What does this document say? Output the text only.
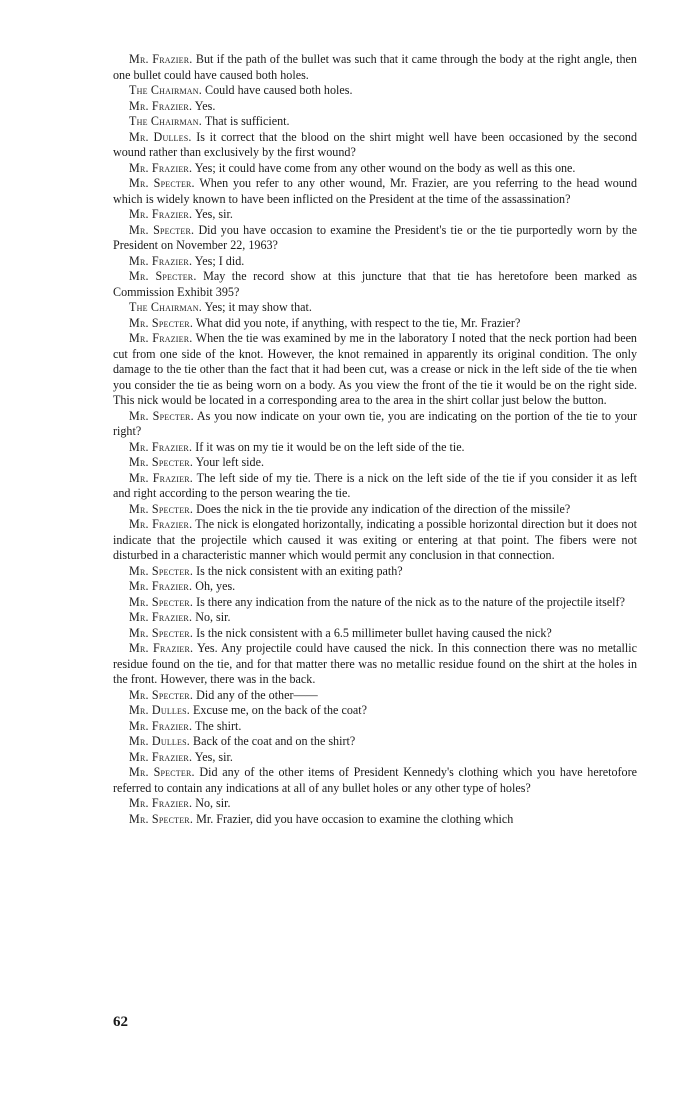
Mr. Frazier. But if the path of the bullet was such that it came through the body at the right angle, then one bullet could have caused both holes.

The Chairman. Could have caused both holes.

Mr. Frazier. Yes.

The Chairman. That is sufficient.

Mr. Dulles. Is it correct that the blood on the shirt might well have been occasioned by the second wound rather than exclusively by the first wound?

Mr. Frazier. Yes; it could have come from any other wound on the body as well as this one.

Mr. Specter. When you refer to any other wound, Mr. Frazier, are you referring to the head wound which is widely known to have been inflicted on the President at the time of the assassination?

Mr. Frazier. Yes, sir.

Mr. Specter. Did you have occasion to examine the President's tie or the tie purportedly worn by the President on November 22, 1963?

Mr. Frazier. Yes; I did.

Mr. Specter. May the record show at this juncture that that tie has heretofore been marked as Commission Exhibit 395?

The Chairman. Yes; it may show that.

Mr. Specter. What did you note, if anything, with respect to the tie, Mr. Frazier?

Mr. Frazier. When the tie was examined by me in the laboratory I noted that the neck portion had been cut from one side of the knot. However, the knot remained in apparently its original condition. The only damage to the tie other than the fact that it had been cut, was a crease or nick in the left side of the tie when you consider the tie as being worn on a body. As you view the front of the tie it would be on the right side. This nick would be located in a corresponding area to the area in the shirt collar just below the button.

Mr. Specter. As you now indicate on your own tie, you are indicating on the portion of the tie to your right?

Mr. Frazier. If it was on my tie it would be on the left side of the tie.

Mr. Specter. Your left side.

Mr. Frazier. The left side of my tie. There is a nick on the left side of the tie if you consider it as left and right according to the person wearing the tie.

Mr. Specter. Does the nick in the tie provide any indication of the direction of the missile?

Mr. Frazier. The nick is elongated horizontally, indicating a possible horizontal direction but it does not indicate that the projectile which caused it was exiting or entering at that point. The fibers were not disturbed in a characteristic manner which would permit any conclusion in that connection.

Mr. Specter. Is the nick consistent with an exiting path?

Mr. Frazier. Oh, yes.

Mr. Specter. Is there any indication from the nature of the nick as to the nature of the projectile itself?

Mr. Frazier. No, sir.

Mr. Specter. Is the nick consistent with a 6.5 millimeter bullet having caused the nick?

Mr. Frazier. Yes. Any projectile could have caused the nick. In this connection there was no metallic residue found on the tie, and for that matter there was no metallic residue found on the shirt at the holes in the front. However, there was in the back.

Mr. Specter. Did any of the other——

Mr. Dulles. Excuse me, on the back of the coat?

Mr. Frazier. The shirt.

Mr. Dulles. Back of the coat and on the shirt?

Mr. Frazier. Yes, sir.

Mr. Specter. Did any of the other items of President Kennedy's clothing which you have heretofore referred to contain any indications at all of any bullet holes or any other type of holes?

Mr. Frazier. No, sir.

Mr. Specter. Mr. Frazier, did you have occasion to examine the clothing which

62
